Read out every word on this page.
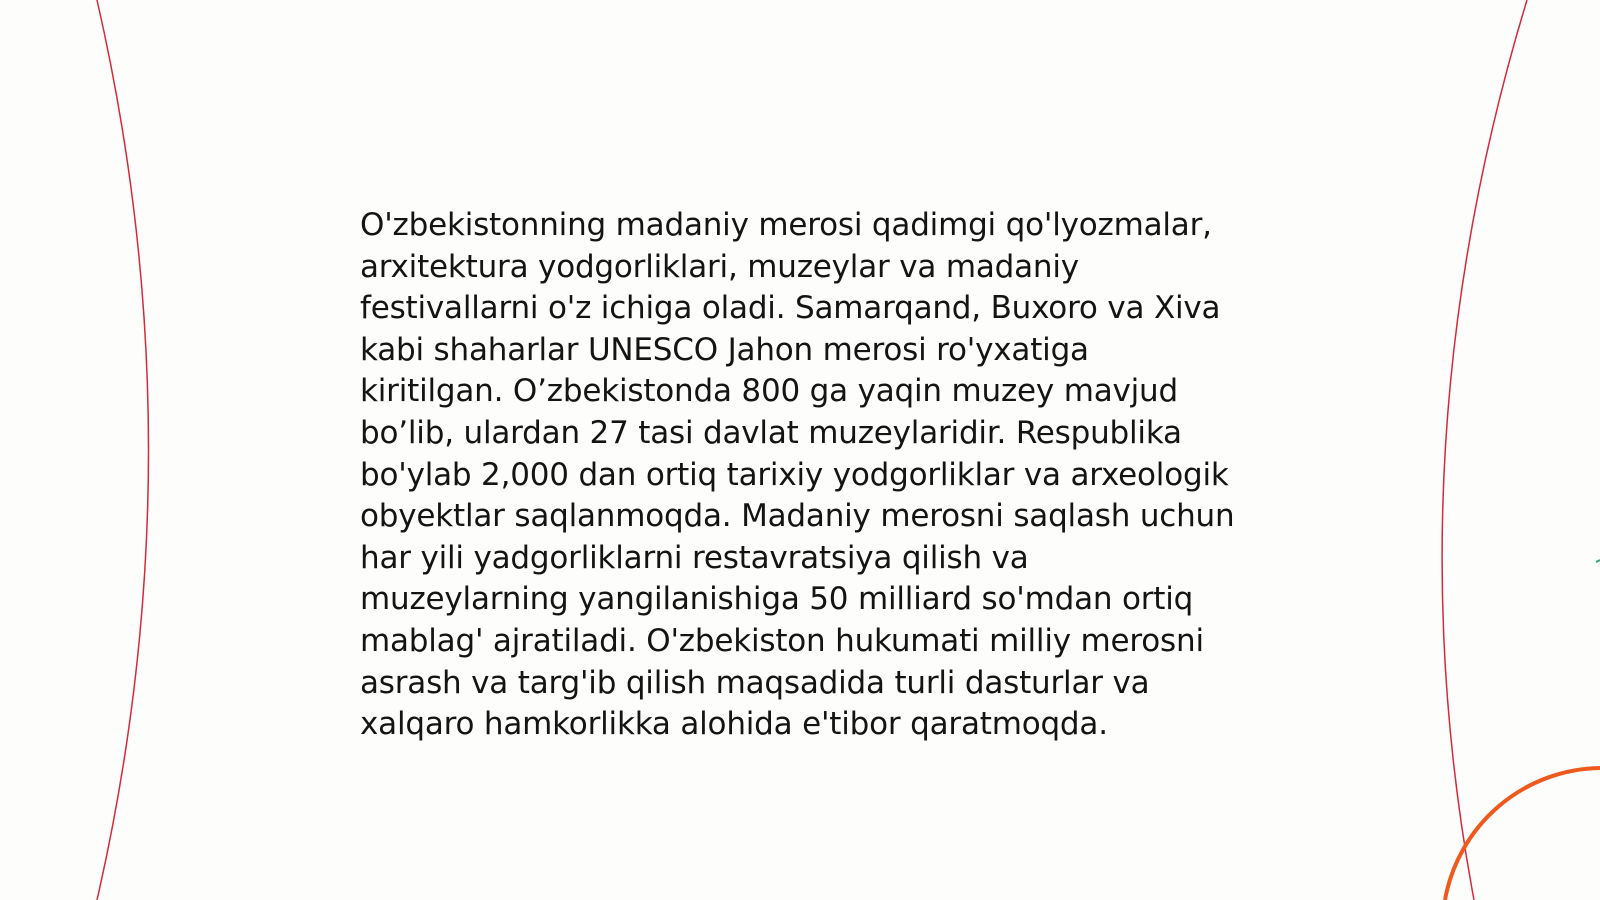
O'zbekistonning madaniy merosi qadimgi qo'lyozmalar, arxitektura yodgorliklari, muzeylar va madaniy festivallarni o'z ichiga oladi. Samarqand, Buxoro va Xiva kabi shaharlar UNESCO Jahon merosi ro'yxatiga kiritilgan. O’zbekistonda 800 ga yaqin muzey mavjud bo’lib, ulardan 27 tasi davlat muzeylaridir. Respublika bo'ylab 2,000 dan ortiq tarixiy yodgorliklar va arxeologik obyektlar saqlanmoqda. Madaniy merosni saqlash uchun har yili yadgorliklarni restavratsiya qilish va muzeylarning yangilanishiga 50 milliard so'mdan ortiq mablag' ajratiladi. O'zbekiston hukumati milliy merosni asrash va targ'ib qilish maqsadida turli dasturlar va xalqaro hamkorlikka alohida e'tibor qaratmoqda.
